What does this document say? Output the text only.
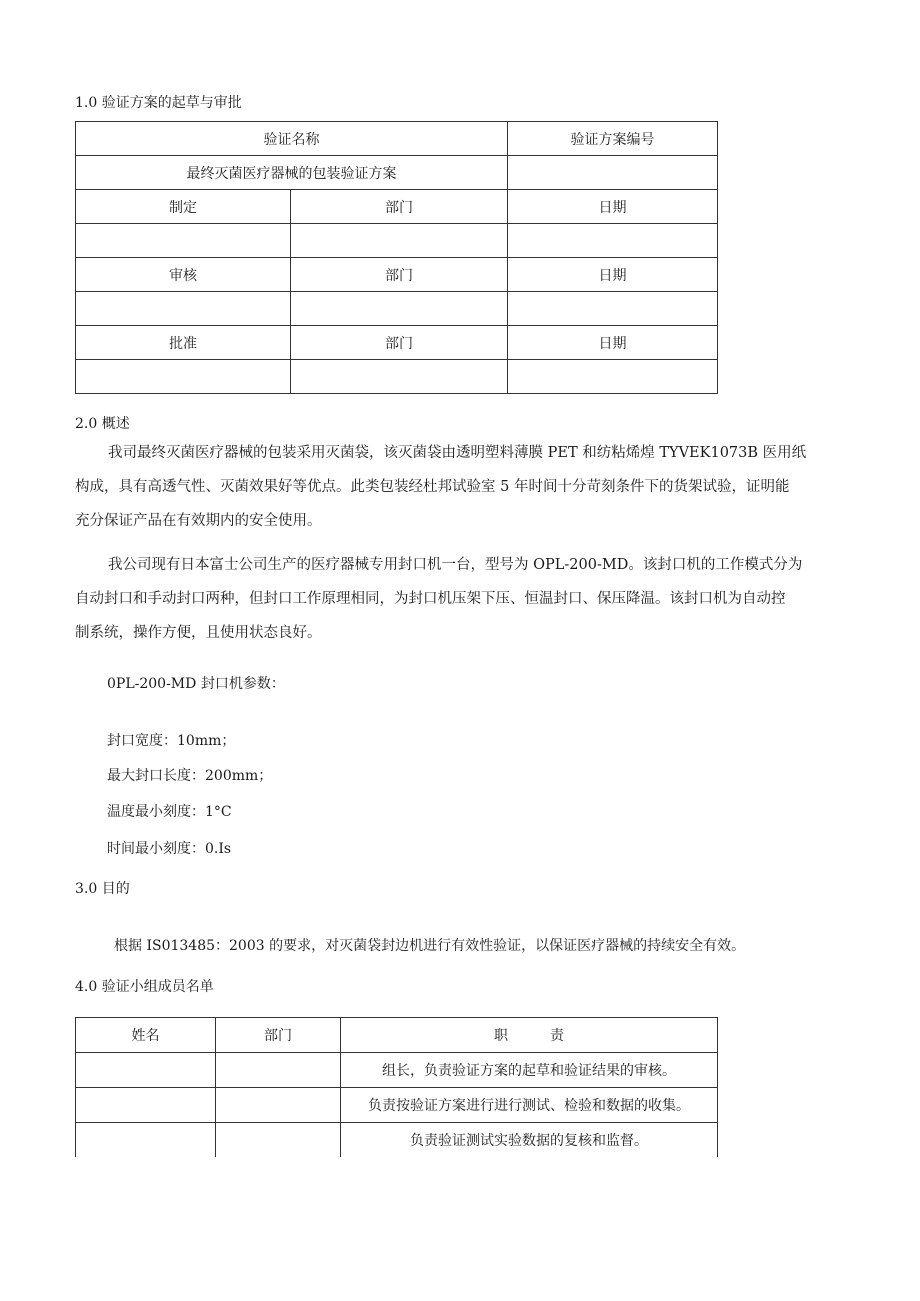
1.0 验证方案的起草与审批
验证名称		验证方案编号
最终灭菌医疗器械的包装验证方案		
制定	部门	日期

审核	部门	日期

批准	部门	日期

2.0 概述
我司最终灭菌医疗器械的包装采用灭菌袋，该灭菌袋由透明塑料薄膜 PET 和纺粘烯煌 TYVEK1073B 医用纸
构成，具有高透气性、灭菌效果好等优点。此类包装经杜邦试验室 5 年时间十分苛刻条件下的货架试验，证明能
充分保证产品在有效期内的安全使用。
我公司现有日本富士公司生产的医疗器械专用封口机一台，型号为 OPL-200-MD。该封口机的工作模式分为
自动封口和手动封口两种，但封口工作原理相同，为封口机压架下压、恒温封口、保压降温。该封口机为自动控
制系统，操作方便，且使用状态良好。
0PL-200-MD 封口机参数：
封口宽度：10mm；
最大封口长度：200mm；
温度最小刻度：1°C
时间最小刻度：0.Is
3.0 目的
根据 IS013485：2003 的要求，对灭菌袋封边机进行有效性验证，以保证医疗器械的持续安全有效。
4.0 验证小组成员名单
姓名	部门	职　　　责
		组长，负责验证方案的起草和验证结果的审核。
		负责按验证方案进行进行测试、检验和数据的收集。
		负责验证测试实验数据的复核和监督。
